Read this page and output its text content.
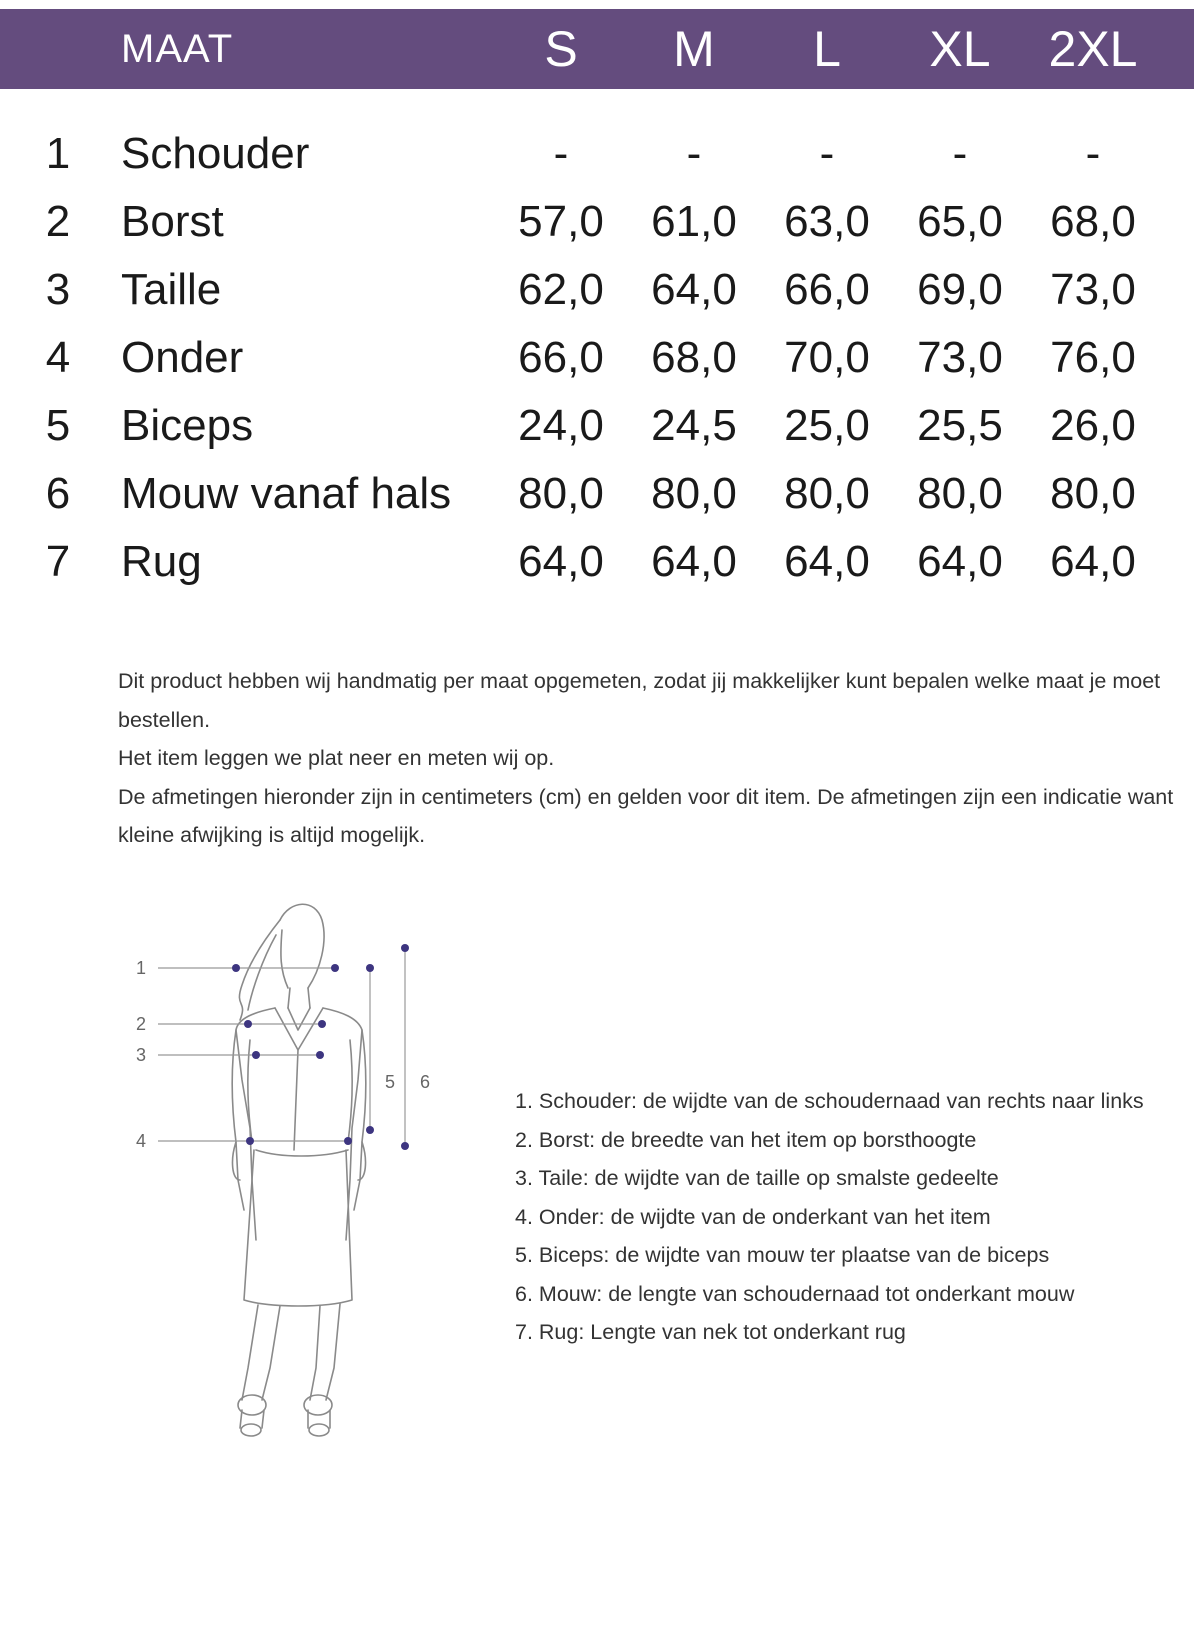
MAAT	S	M	L	XL	2XL
1 Schouder	-	-	-	-	-
2 Borst	57,0 61,0 63,0 65,0 68,0
3 Taille	62,0 64,0 66,0 69,0 73,0
4 Onder	66,0 68,0 70,0 73,0 76,0
5 Biceps	24,0 24,5 25,0 25,5 26,0
6 Mouw vanaf hals 80,0 80,0 80,0 80,0 80,0
7 Rug	64,0 64,0 64,0 64,0 64,0

Dit product hebben wij handmatig per maat opgemeten, zodat jij makkelijker kunt bepalen welke maat je moet bestellen.

Het item leggen we plat neer en meten wij op.

De afmetingen hieronder zijn in centimeters (cm) en gelden voor dit item. De afmetingen zijn een indicatie want kleine afwijking is altijd mogelijk.

1
2
3
4
5 6
1. Schouder: de wijdte van de schoudernaad van rechts naar links
2. Borst: de breedte van het item op borsthoogte
3. Taile: de wijdte van de taille op smalste gedeelte
4. Onder: de wijdte van de onderkant van het item
5. Biceps: de wijdte van mouw ter plaatse van de biceps
6. Mouw: de lengte van schoudernaad tot onderkant mouw
7. Rug: Lengte van nek tot onderkant rug
